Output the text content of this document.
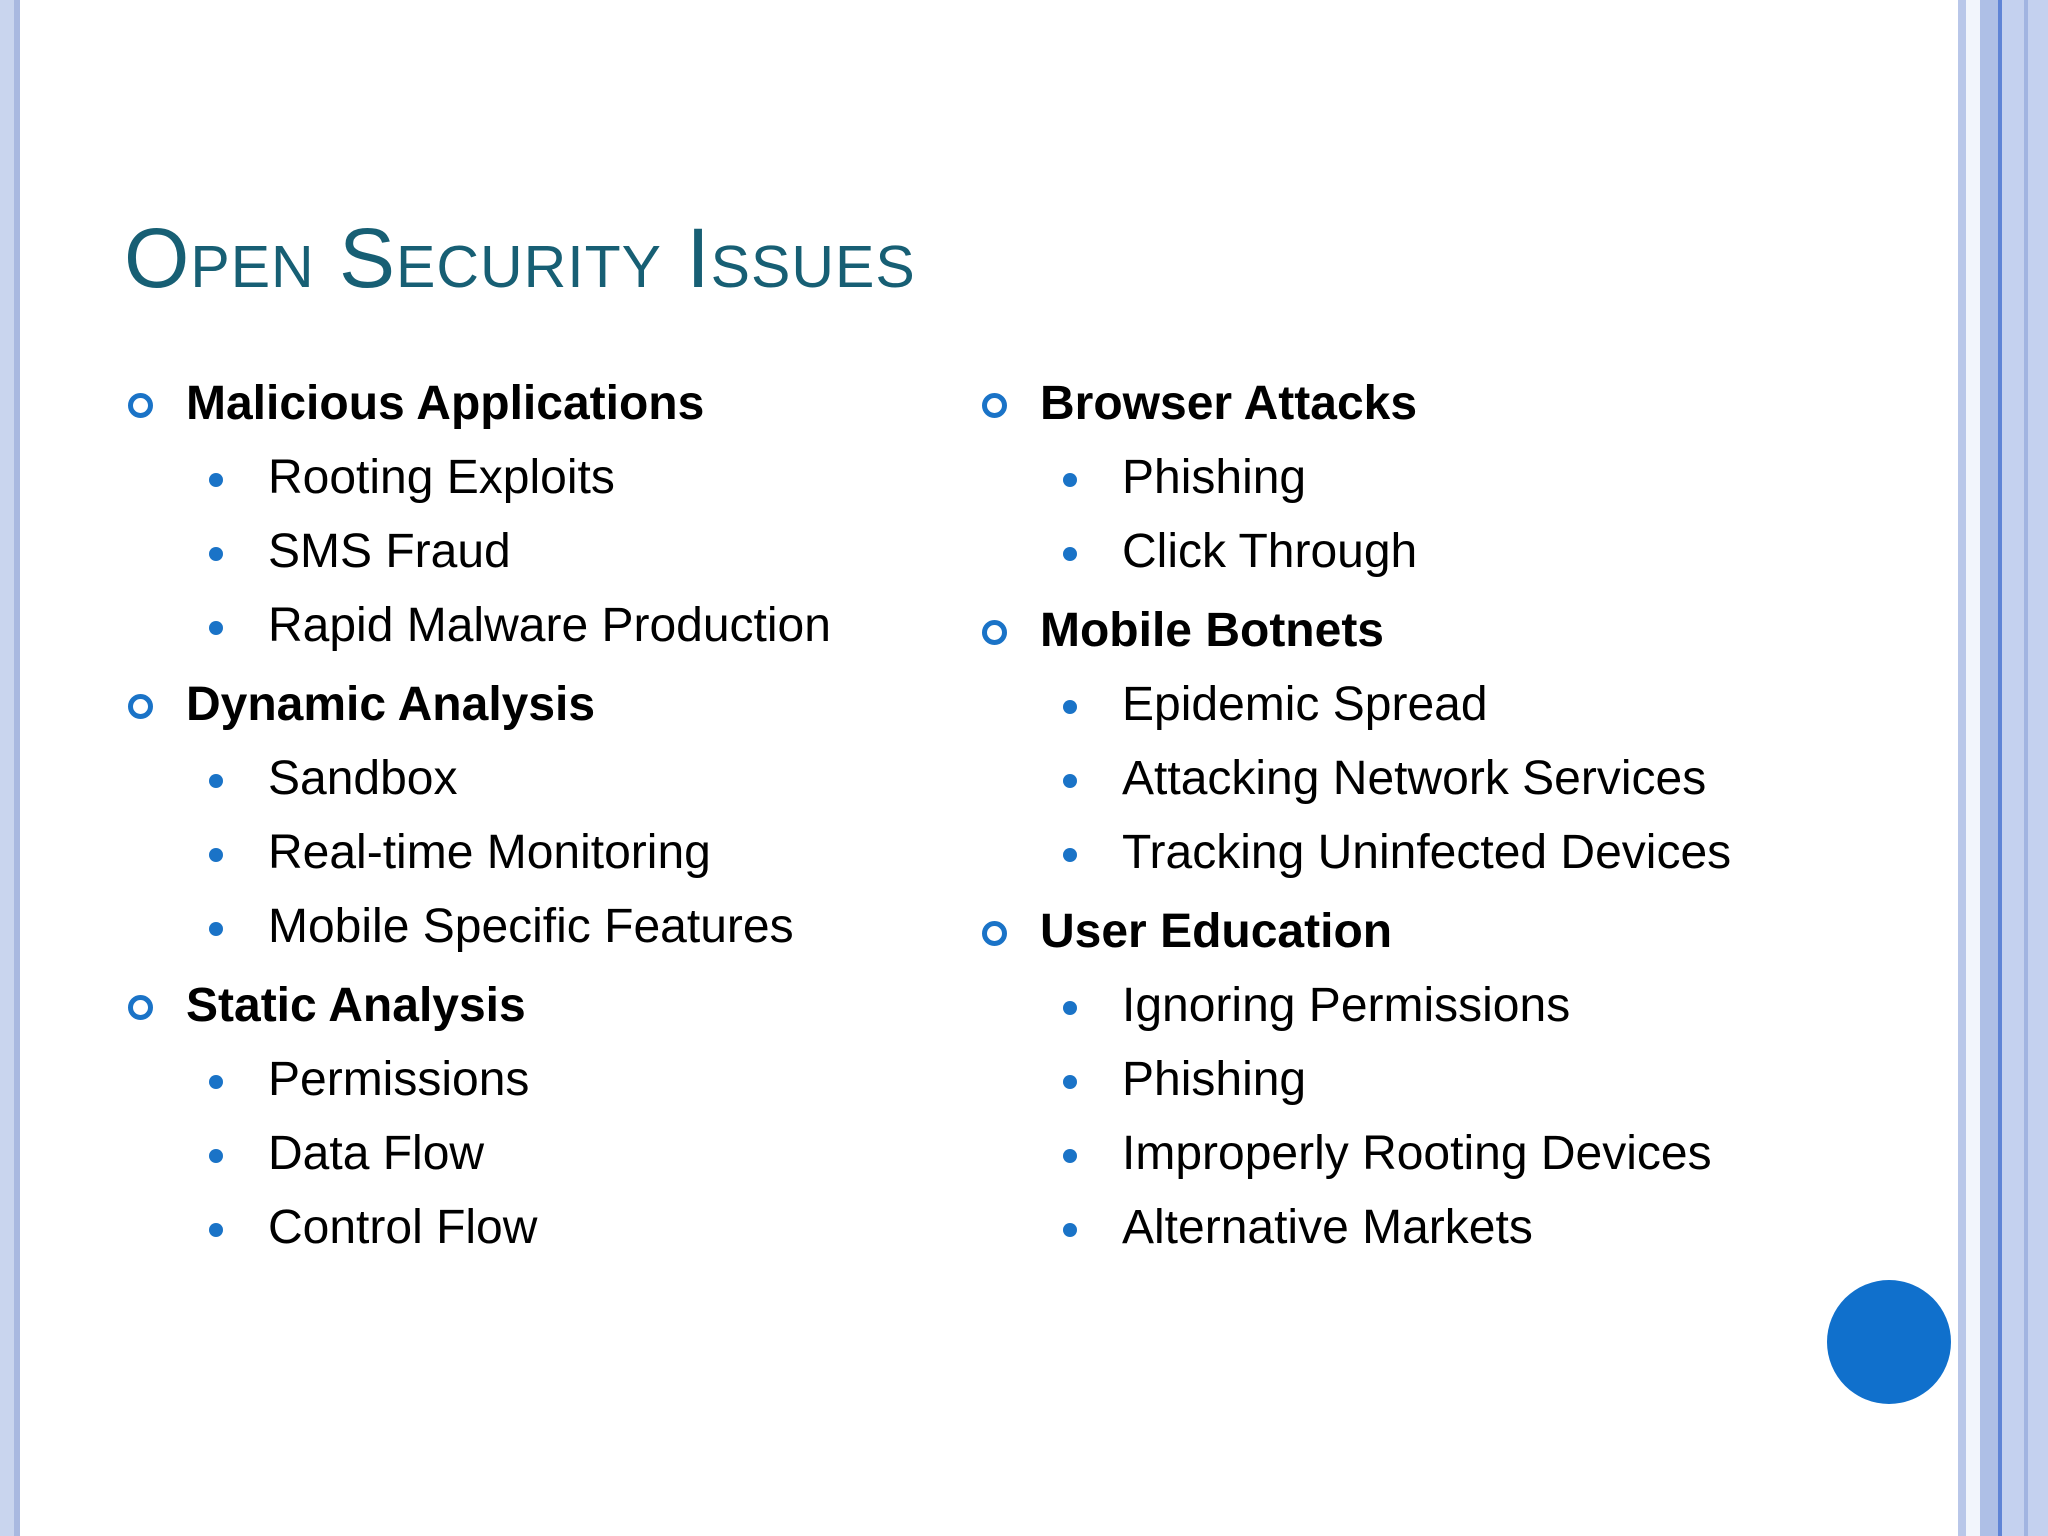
Open Security Issues
Malicious Applications
Rooting Exploits
SMS Fraud
Rapid Malware Production
Dynamic Analysis
Sandbox
Real-time Monitoring
Mobile Specific Features
Static Analysis
Permissions
Data Flow
Control Flow
Browser Attacks
Phishing
Click Through
Mobile Botnets
Epidemic Spread
Attacking Network Services
Tracking Uninfected Devices
User Education
Ignoring Permissions
Phishing
Improperly Rooting Devices
Alternative Markets
